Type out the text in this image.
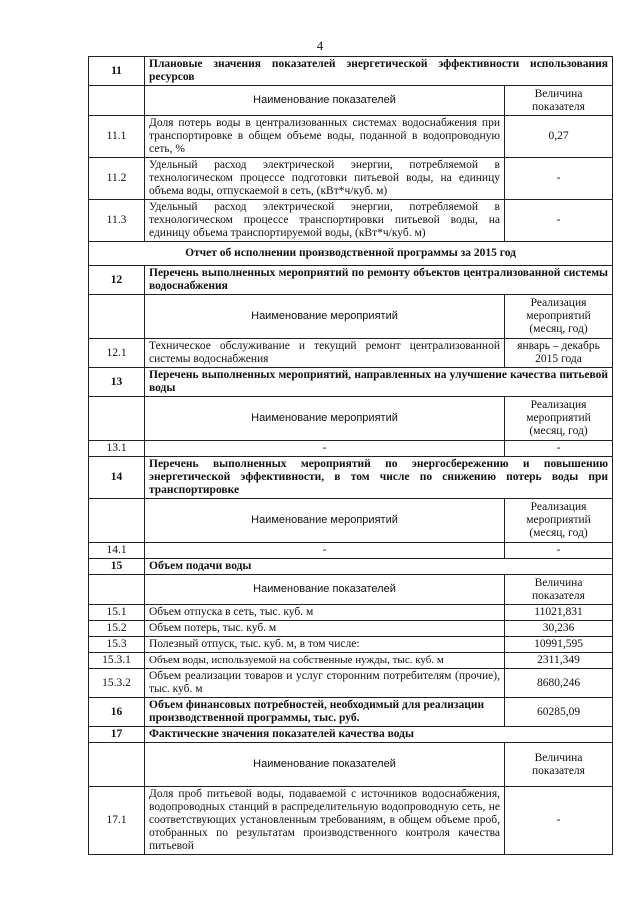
4
11	Плановые значения показателей энергетической эффективности использования ресурсов	
	Наименование показателей	Величина показателя
11.1	Доля потерь воды в централизованных системах водоснабжения при транспортировке в общем объеме воды, поданной в водопроводную сеть, %	0,27
11.2	Удельный расход электрической энергии, потребляемой в технологическом процессе подготовки питьевой воды, на единицу объема воды, отпускаемой в сеть, (кВт*ч/куб. м)	-
11.3	Удельный расход электрической энергии, потребляемой в технологическом процессе транспортировки питьевой воды, на единицу объема транспортируемой воды, (кВт*ч/куб. м)	-
Отчет об исполнении производственной программы за 2015 год		
12	Перечень выполненных мероприятий по ремонту объектов централизованной системы водоснабжения	
	Наименование мероприятий	Реализация мероприятий (месяц, год)
12.1	Техническое обслуживание и текущий ремонт централизованной системы водоснабжения	январь – декабрь 2015 года
13	Перечень выполненных мероприятий, направленных на улучшение качества питьевой воды	
	Наименование мероприятий	Реализация мероприятий (месяц, год)
13.1	-	-
14	Перечень выполненных мероприятий по энергосбережению и повышению энергетической эффективности, в том числе по снижению потерь воды при транспортировке	
	Наименование мероприятий	Реализация мероприятий (месяц, год)
14.1	-	-
15	Объем подачи воды	
	Наименование показателей	Величина показателя
15.1	Объем отпуска в сеть, тыс. куб. м	11021,831
15.2	Объем потерь, тыс. куб. м	30,236
15.3	Полезный отпуск, тыс. куб. м, в том числе:	10991,595
15.3.1	Объем воды, используемой на собственные нужды, тыс. куб. м	2311,349
15.3.2	Объем реализации товаров и услуг сторонним потребителям (прочие), тыс. куб. м	8680,246
16	Объем финансовых потребностей, необходимый для реализации производственной программы, тыс. руб.	60285,09
17	Фактические значения показателей качества воды	
	Наименование показателей	Величина показателя
17.1	Доля проб питьевой воды, подаваемой с источников водоснабжения, водопроводных станций в распределительную водопроводную сеть, не соответствующих установленным требованиям, в общем объеме проб, отобранных по результатам производственного контроля качества питьевой	-
